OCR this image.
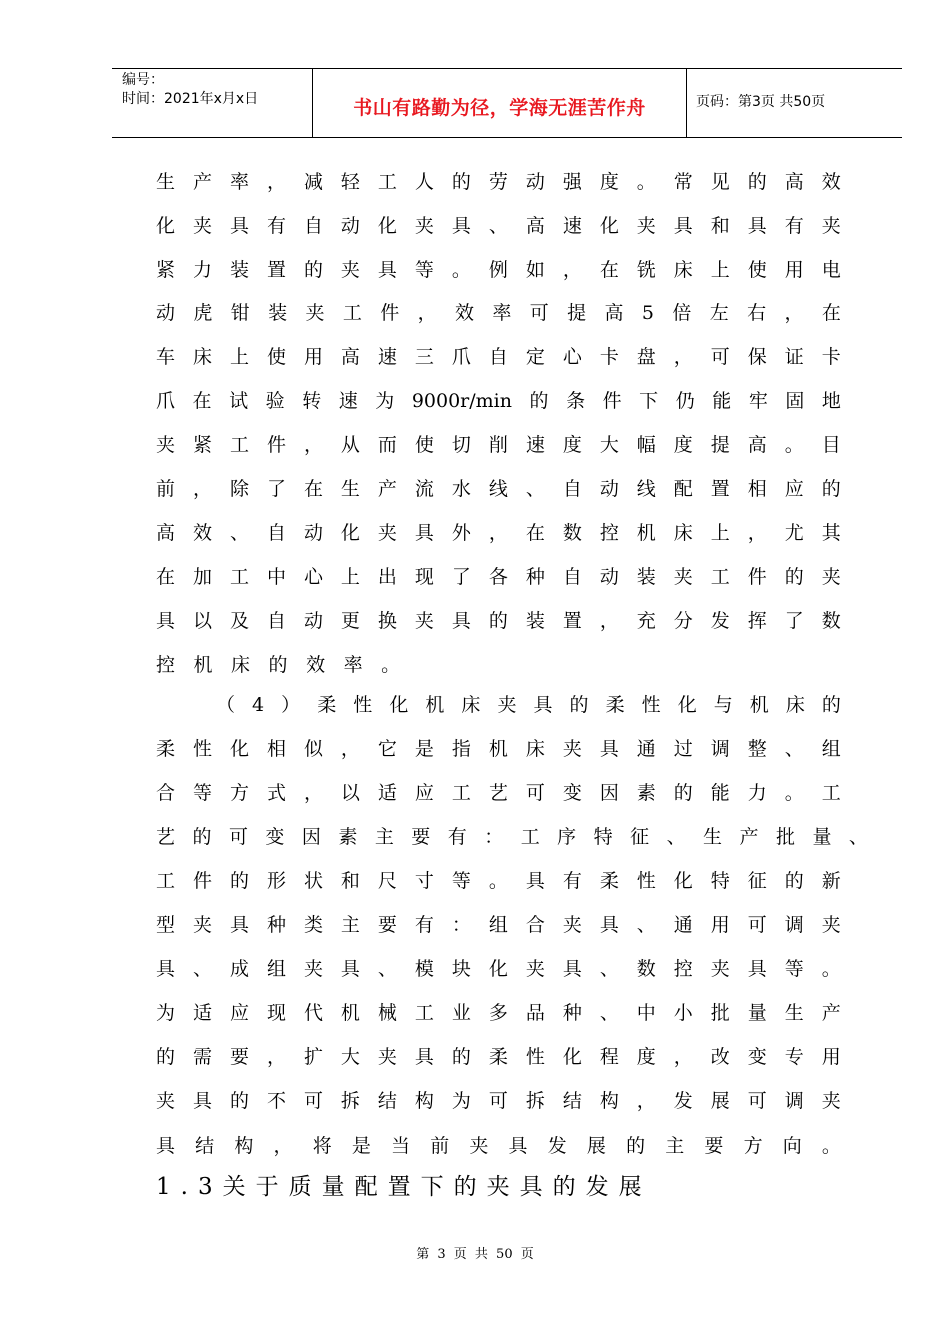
编号：
时间：2021年x月x日	书山有路勤为径，学海无涯苦作舟	页码：第3页 共50页
生 产 率 ， 减 轻 工 人 的 劳 动 强 度 。 常 见 的 高 效
化 夹 具 有 自 动 化 夹 具 、 高 速 化 夹 具 和 具 有 夹
紧 力 装 置 的 夹 具 等 。 例 如 ， 在 铣 床 上 使 用 电
动 虎 钳 装 夹 工 件 ， 效 率 可 提 高 5 倍 左 右 ， 在
车 床 上 使 用 高 速 三 爪 自 定 心 卡 盘 ， 可 保 证 卡
爪 在 试 验 转 速 为 9000r/min 的 条 件 下 仍 能 牢 固 地
夹 紧 工 件 ， 从 而 使 切 削 速 度 大 幅 度 提 高 。 目
前 ， 除 了 在 生 产 流 水 线 、 自 动 线 配 置 相 应 的
高 效 、 自 动 化 夹 具 外 ， 在 数 控 机 床 上 ， 尤 其
在 加 工 中 心 上 出 现 了 各 种 自 动 装 夹 工 件 的 夹
具 以 及 自 动 更 换 夹 具 的 装 置 ， 充 分 发 挥 了 数
控 机 床 的 效 率 。
（ 4 ） 柔 性 化 机 床 夹 具 的 柔 性 化 与 机 床 的
柔 性 化 相 似 ， 它 是 指 机 床 夹 具 通 过 调 整 、 组
合 等 方 式 ， 以 适 应 工 艺 可 变 因 素 的 能 力 。 工
艺 的 可 变 因 素 主 要 有 ： 工 序 特 征 、 生 产 批 量 、
工 件 的 形 状 和 尺 寸 等 。 具 有 柔 性 化 特 征 的 新
型 夹 具 种 类 主 要 有 ： 组 合 夹 具 、 通 用 可 调 夹
具 、 成 组 夹 具 、 模 块 化 夹 具 、 数 控 夹 具 等 。
为 适 应 现 代 机 械 工 业 多 品 种 、 中 小 批 量 生 产
的 需 要 ， 扩 大 夹 具 的 柔 性 化 程 度 ， 改 变 专 用
夹 具 的 不 可 拆 结 构 为 可 拆 结 构 ， 发 展 可 调 夹
具 结 构 ， 将 是 当 前 夹 具 发 展 的 主 要 方 向 。
1.3关于质量配置下的夹具的发展
第 3 页 共 50 页
